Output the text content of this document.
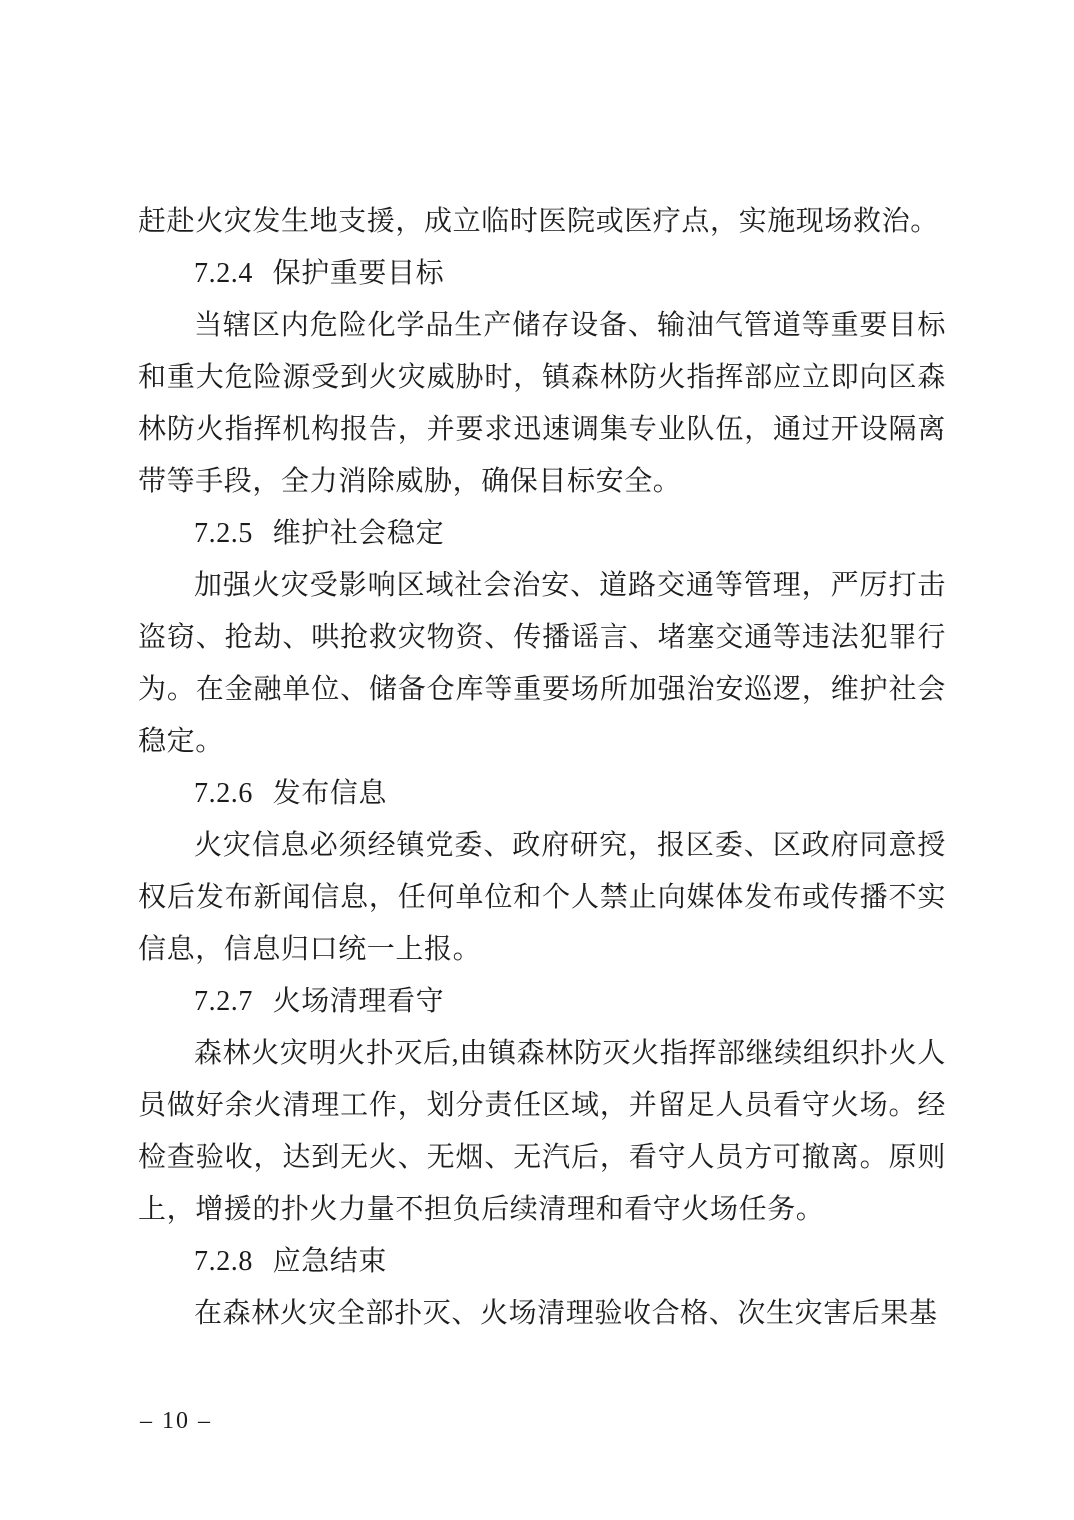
赶赴火灾发生地支援，成立临时医院或医疗点，实施现场救治。

7.2.4 保护重要目标

当辖区内危险化学品生产储存设备、输油气管道等重要目标和重大危险源受到火灾威胁时，镇森林防火指挥部应立即向区森林防火指挥机构报告，并要求迅速调集专业队伍，通过开设隔离带等手段，全力消除威胁，确保目标安全。

7.2.5 维护社会稳定

加强火灾受影响区域社会治安、道路交通等管理，严厉打击盗窃、抢劫、哄抢救灾物资、传播谣言、堵塞交通等违法犯罪行为。在金融单位、储备仓库等重要场所加强治安巡逻，维护社会稳定。

7.2.6 发布信息

火灾信息必须经镇党委、政府研究，报区委、区政府同意授权后发布新闻信息，任何单位和个人禁止向媒体发布或传播不实信息，信息归口统一上报。

7.2.7 火场清理看守

森林火灾明火扑灭后,由镇森林防灭火指挥部继续组织扑火人员做好余火清理工作，划分责任区域，并留足人员看守火场。经检查验收，达到无火、无烟、无汽后，看守人员方可撤离。原则上，增援的扑火力量不担负后续清理和看守火场任务。

7.2.8 应急结束

在森林火灾全部扑灭、火场清理验收合格、次生灾害后果基

– 10 –
